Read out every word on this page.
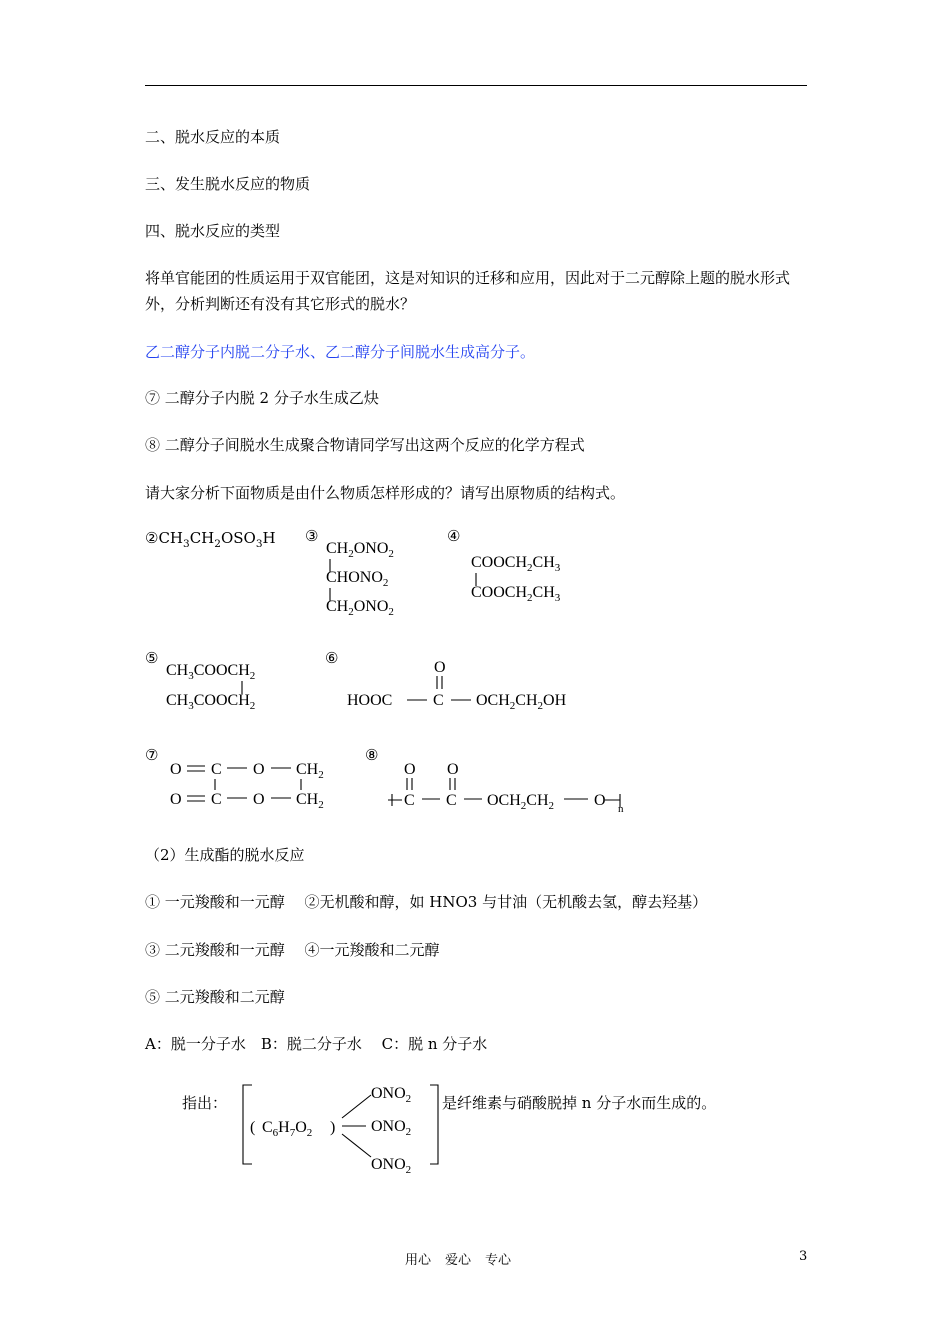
二、脱水反应的本质
三、发生脱水反应的物质
四、脱水反应的类型
将单官能团的性质运用于双官能团，这是对知识的迁移和应用，因此对于二元醇除上题的脱水形式外，分析判断还有没有其它形式的脱水？
乙二醇分子内脱二分子水、乙二醇分子间脱水生成高分子。
⑦ 二醇分子内脱 2 分子水生成乙炔
⑧ 二醇分子间脱水生成聚合物请同学写出这两个反应的化学方程式
请大家分析下面物质是由什么物质怎样形成的？请写出原物质的结构式。
$②CH_3CH_2OSO_3H$ ③
$CH_2ONO_2$
$CHONO_2$
$CH_2ONO_2$
④
$COOCH_2CH_3$
$COOCH_2CH_3$
⑤
$CH_3COOCH_2$
$CH_3COOCH_2$
⑥
O
HOOC	C $OCH_2CH_2OH$
⑦
O C O $CH_2$
O C O $CH_2$
⑧
O O
C C $OCH_2CH_2$ O n
（2）生成酯的脱水反应
① 一元羧酸和一元醇　 ②无机酸和醇，如 HNO3 与甘油（无机酸去氢，醇去羟基）
③ 二元羧酸和一元醇　 ④一元羧酸和二元醇
⑤ 二元羧酸和二元醇
A：脱一分子水　B：脱二分子水　 C：脱 n 分子水
指出：
( $C_6H_7O_2$ )
$ONO_2$
$ONO_2$
$ONO_2$
是纤维素与硝酸脱掉 n 分子水而生成的。
用心 爱心 专心	3
